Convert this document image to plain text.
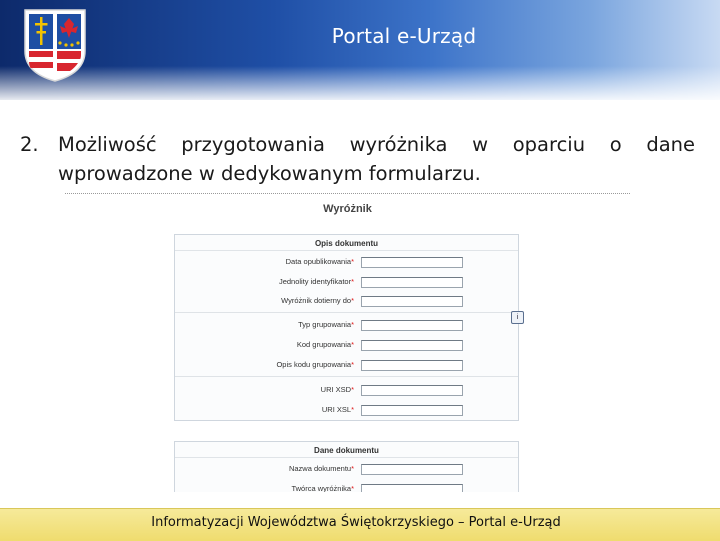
Portal e-Urząd
2. Możliwość przygotowania wyróżnika w oparciu o dane
wprowadzone w dedykowanym formularzu.
Wyróżnik
Opis dokumentu
Data opublikowania*
Jednolity identyfikator*
Wyróżnik dotierny do*
Typ grupowania*
Kod grupowania*
Opis kodu grupowania*
URI XSD*
URI XSL*
i
Dane dokumentu
Nazwa dokumentu*
Twórca wyróżnika*
Informatyzacji Województwa Świętokrzyskiego – Portal e-Urząd
